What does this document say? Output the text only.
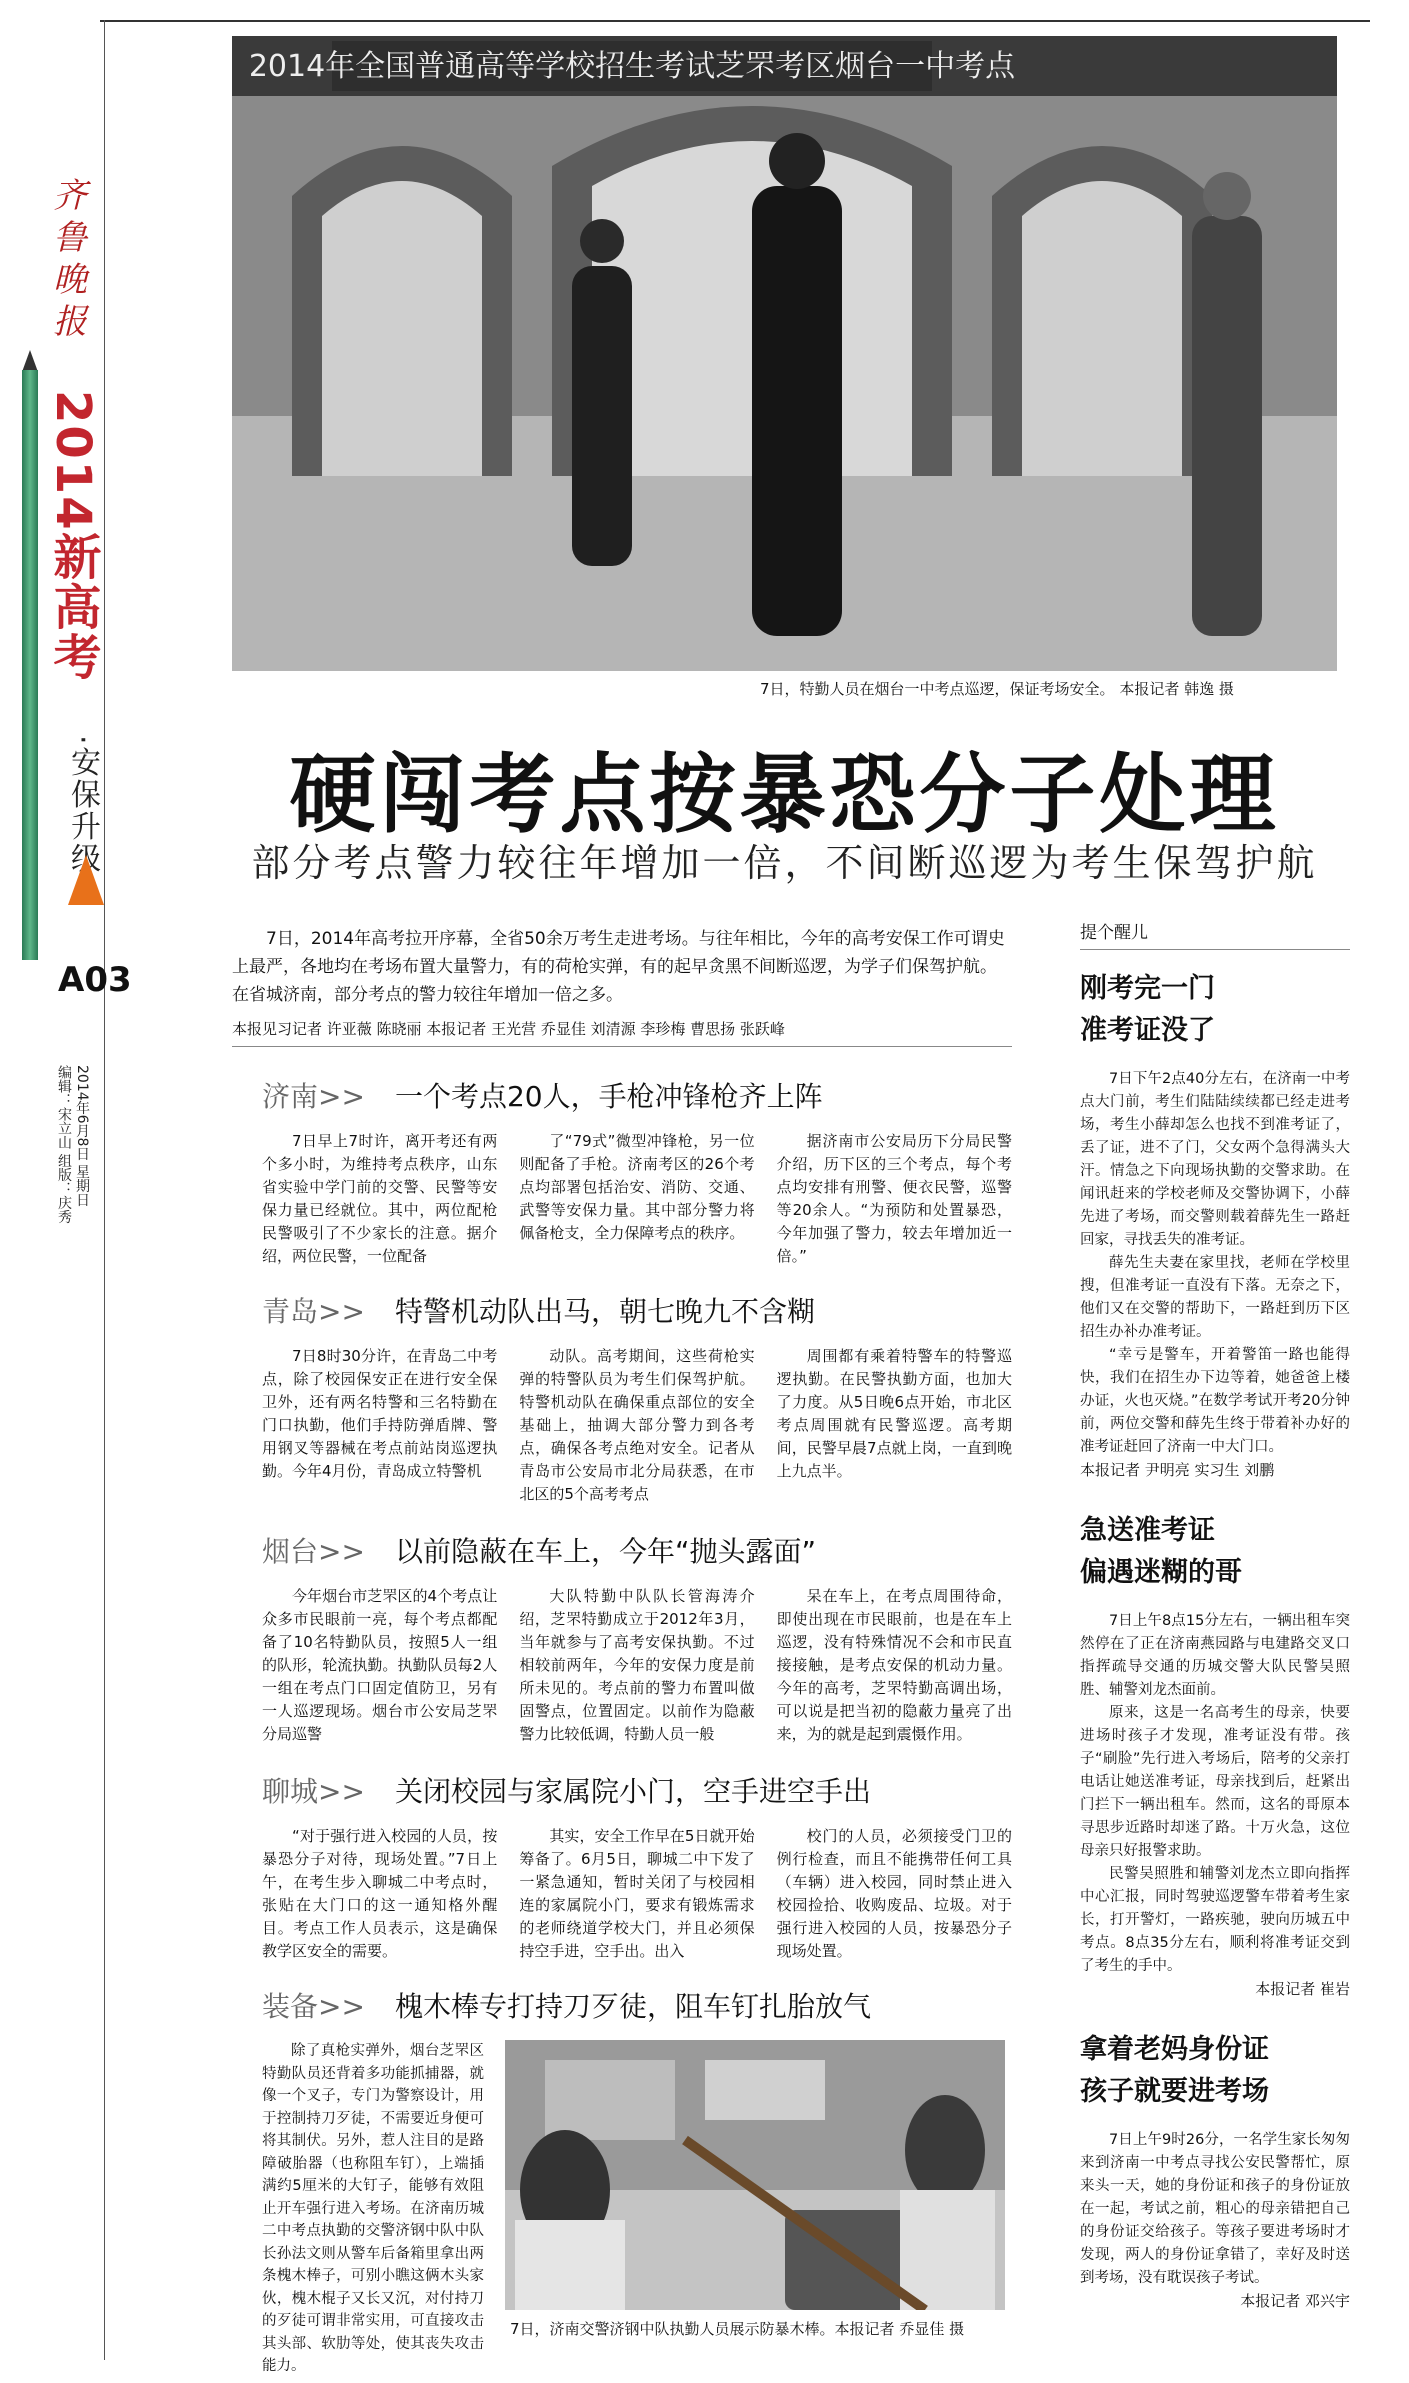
齐鲁晚报
2014新高考
·安保升级
A03
2014年6月8日 星期日
编辑：宋立山 组版：庆秀
2014年全国普通高等学校招生考试芝罘考区烟台一中考点
7日，特勤人员在烟台一中考点巡逻，保证考场安全。 本报记者 韩逸 摄
硬闯考点按暴恐分子处理
部分考点警力较往年增加一倍，不间断巡逻为考生保驾护航
7日，2014年高考拉开序幕，全省50余万考生走进考场。与往年相比，今年的高考安保工作可谓史上最严，各地均在考场布置大量警力，有的荷枪实弹，有的起早贪黑不间断巡逻，为学子们保驾护航。在省城济南，部分考点的警力较往年增加一倍之多。
本报见习记者 许亚薇 陈晓丽 本报记者 王光营 乔显佳 刘清源 李珍梅 曹思扬 张跃峰
济南>> 一个考点20人，手枪冲锋枪齐上阵
7日早上7时许，离开考还有两个多小时，为维持考点秩序，山东省实验中学门前的交警、民警等安保力量已经就位。其中，两位配枪民警吸引了不少家长的注意。据介绍，两位民警，一位配备
了“79式”微型冲锋枪，另一位则配备了手枪。济南考区的26个考点均部署包括治安、消防、交通、武警等安保力量。其中部分警力将佩备枪支，全力保障考点的秩序。
据济南市公安局历下分局民警介绍，历下区的三个考点，每个考点均安排有刑警、便衣民警，巡警等20余人。“为预防和处置暴恐，今年加强了警力，较去年增加近一倍。”
青岛>> 特警机动队出马，朝七晚九不含糊
7日8时30分许，在青岛二中考点，除了校园保安正在进行安全保卫外，还有两名特警和三名特勤在门口执勤，他们手持防弹盾牌、警用钢叉等器械在考点前站岗巡逻执勤。今年4月份，青岛成立特警机
动队。高考期间，这些荷枪实弹的特警队员为考生们保驾护航。特警机动队在确保重点部位的安全基础上，抽调大部分警力到各考点，确保各考点绝对安全。记者从青岛市公安局市北分局获悉，在市北区的5个高考考点
周围都有乘着特警车的特警巡逻执勤。在民警执勤方面，也加大了力度。从5日晚6点开始，市北区考点周围就有民警巡逻。高考期间，民警早晨7点就上岗，一直到晚上九点半。
烟台>> 以前隐蔽在车上，今年“抛头露面”
今年烟台市芝罘区的4个考点让众多市民眼前一亮，每个考点都配备了10名特勤队员，按照5人一组的队形，轮流执勤。执勤队员每2人一组在考点门口固定值防卫，另有一人巡逻现场。烟台市公安局芝罘分局巡警
大队特勤中队队长管海涛介绍，芝罘特勤成立于2012年3月，当年就参与了高考安保执勤。不过相较前两年，今年的安保力度是前所未见的。考点前的警力布置叫做固警点，位置固定。以前作为隐蔽警力比较低调，特勤人员一般
呆在车上，在考点周围待命，即使出现在市民眼前，也是在车上巡逻，没有特殊情况不会和市民直接接触，是考点安保的机动力量。今年的高考，芝罘特勤高调出场，可以说是把当初的隐蔽力量亮了出来，为的就是起到震慑作用。
聊城>> 关闭校园与家属院小门，空手进空手出
“对于强行进入校园的人员，按暴恐分子对待，现场处置。”7日上午，在考生步入聊城二中考点时，张贴在大门口的这一通知格外醒目。考点工作人员表示，这是确保教学区安全的需要。
其实，安全工作早在5日就开始筹备了。6月5日，聊城二中下发了一紧急通知，暂时关闭了与校园相连的家属院小门，要求有锻炼需求的老师绕道学校大门，并且必须保持空手进，空手出。出入
校门的人员，必须接受门卫的例行检查，而且不能携带任何工具（车辆）进入校园，同时禁止进入校园捡拾、收购废品、垃圾。对于强行进入校园的人员，按暴恐分子现场处置。
装备>> 槐木棒专打持刀歹徒，阻车钉扎胎放气
除了真枪实弹外，烟台芝罘区特勤队员还背着多功能抓捕器，就像一个叉子，专门为警察设计，用于控制持刀歹徒，不需要近身便可将其制伏。另外，惹人注目的是路障破胎器（也称阻车钉），上端插满约5厘米的大钉子，能够有效阻止开车强行进入考场。在济南历城二中考点执勤的交警济钢中队中队长孙法文则从警车后备箱里拿出两条槐木棒子，可别小瞧这俩木头家伙，槐木棍子又长又沉，对付持刀的歹徒可谓非常实用，可直接攻击其头部、软肋等处，使其丧失攻击能力。
7日，济南交警济钢中队执勤人员展示防暴木棒。本报记者 乔显佳 摄
提个醒儿
刚考完一门
准考证没了
7日下午2点40分左右，在济南一中考点大门前，考生们陆陆续续都已经走进考场，考生小薛却怎么也找不到准考证了，丢了证，进不了门，父女两个急得满头大汗。情急之下向现场执勤的交警求助。在闻讯赶来的学校老师及交警协调下，小薛先进了考场，而交警则载着薛先生一路赶回家，寻找丢失的准考证。
薛先生夫妻在家里找，老师在学校里搜，但准考证一直没有下落。无奈之下，他们又在交警的帮助下，一路赶到历下区招生办补办准考证。
“幸亏是警车，开着警笛一路也能得快，我们在招生办下边等着，她爸爸上楼办证，火也灭烧。”在数学考试开考20分钟前，两位交警和薛先生终于带着补办好的准考证赶回了济南一中大门口。
本报记者 尹明亮 实习生 刘鹏
急送准考证
偏遇迷糊的哥
7日上午8点15分左右，一辆出租车突然停在了正在济南燕园路与电建路交叉口指挥疏导交通的历城交警大队民警吴照胜、辅警刘龙杰面前。
原来，这是一名高考生的母亲，快要进场时孩子才发现，准考证没有带。孩子“刷脸”先行进入考场后，陪考的父亲打电话让她送准考证，母亲找到后，赶紧出门拦下一辆出租车。然而，这名的哥原本寻思步近路时却迷了路。十万火急，这位母亲只好报警求助。
民警吴照胜和辅警刘龙杰立即向指挥中心汇报，同时驾驶巡逻警车带着考生家长，打开警灯，一路疾驰，驶向历城五中考点。8点35分左右，顺利将准考证交到了考生的手中。
本报记者 崔岩
拿着老妈身份证
孩子就要进考场
7日上午9时26分，一名学生家长匆匆来到济南一中考点寻找公安民警帮忙，原来头一天，她的身份证和孩子的身份证放在一起，考试之前，粗心的母亲错把自己的身份证交给孩子。等孩子要进考场时才发现，两人的身份证拿错了，幸好及时送到考场，没有耽误孩子考试。
本报记者 邓兴宇
